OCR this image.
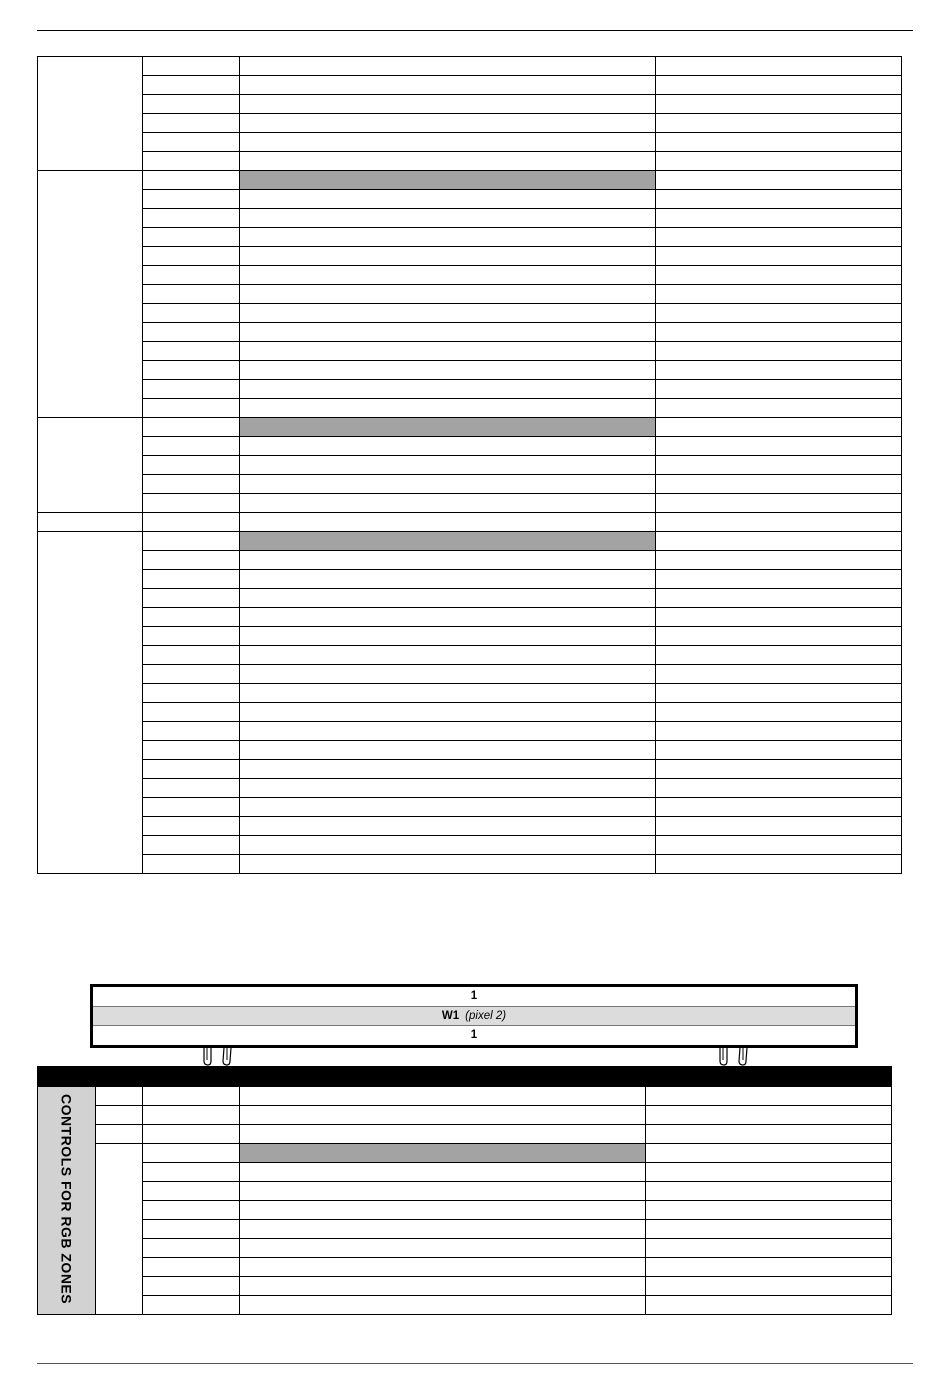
1
W1 (pixel 2)
1

CONTROLS FOR RGB ZONES				
